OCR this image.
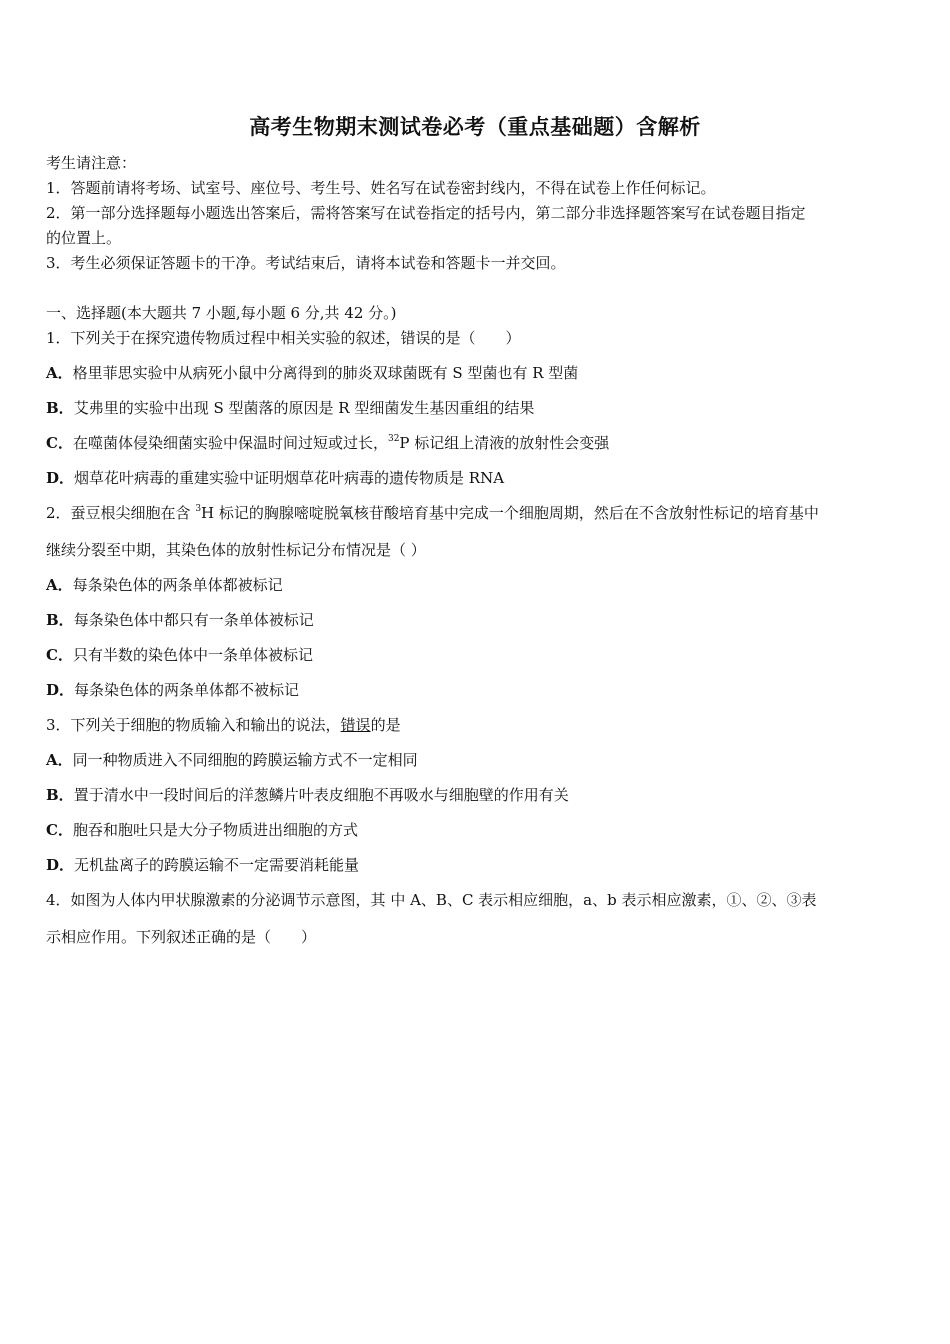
高考生物期末测试卷必考（重点基础题）含解析
考生请注意：
1．答题前请将考场、试室号、座位号、考生号、姓名写在试卷密封线内，不得在试卷上作任何标记。
2．第一部分选择题每小题选出答案后，需将答案写在试卷指定的括号内，第二部分非选择题答案写在试卷题目指定
的位置上。
3．考生必须保证答题卡的干净。考试结束后，请将本试卷和答题卡一并交回。
一、选择题(本大题共 7 小题,每小题 6 分,共 42 分。)
1．下列关于在探究遗传物质过程中相关实验的叙述，错误的是（　　）
A．格里菲思实验中从病死小鼠中分离得到的肺炎双球菌既有 S 型菌也有 R 型菌
B．艾弗里的实验中出现 S 型菌落的原因是 R 型细菌发生基因重组的结果
C．在噬菌体侵染细菌实验中保温时间过短或过长，$^{32}$P 标记组上清液的放射性会变强
D．烟草花叶病毒的重建实验中证明烟草花叶病毒的遗传物质是 RNA
2．蚕豆根尖细胞在含 $^3$H 标记的胸腺嘧啶脱氧核苷酸培育基中完成一个细胞周期，然后在不含放射性标记的培育基中
继续分裂至中期，其染色体的放射性标记分布情况是（ ）
A．每条染色体的两条单体都被标记
B．每条染色体中都只有一条单体被标记
C．只有半数的染色体中一条单体被标记
D．每条染色体的两条单体都不被标记
3．下列关于细胞的物质输入和输出的说法，错误的是
A．同一种物质进入不同细胞的跨膜运输方式不一定相同
B．置于清水中一段时间后的洋葱鳞片叶表皮细胞不再吸水与细胞壁的作用有关
C．胞吞和胞吐只是大分子物质进出细胞的方式
D．无机盐离子的跨膜运输不一定需要消耗能量
4．如图为人体内甲状腺激素的分泌调节示意图，其 中 A、B、C 表示相应细胞，a、b 表示相应激素，①、②、③表
示相应作用。下列叙述正确的是（　　）
